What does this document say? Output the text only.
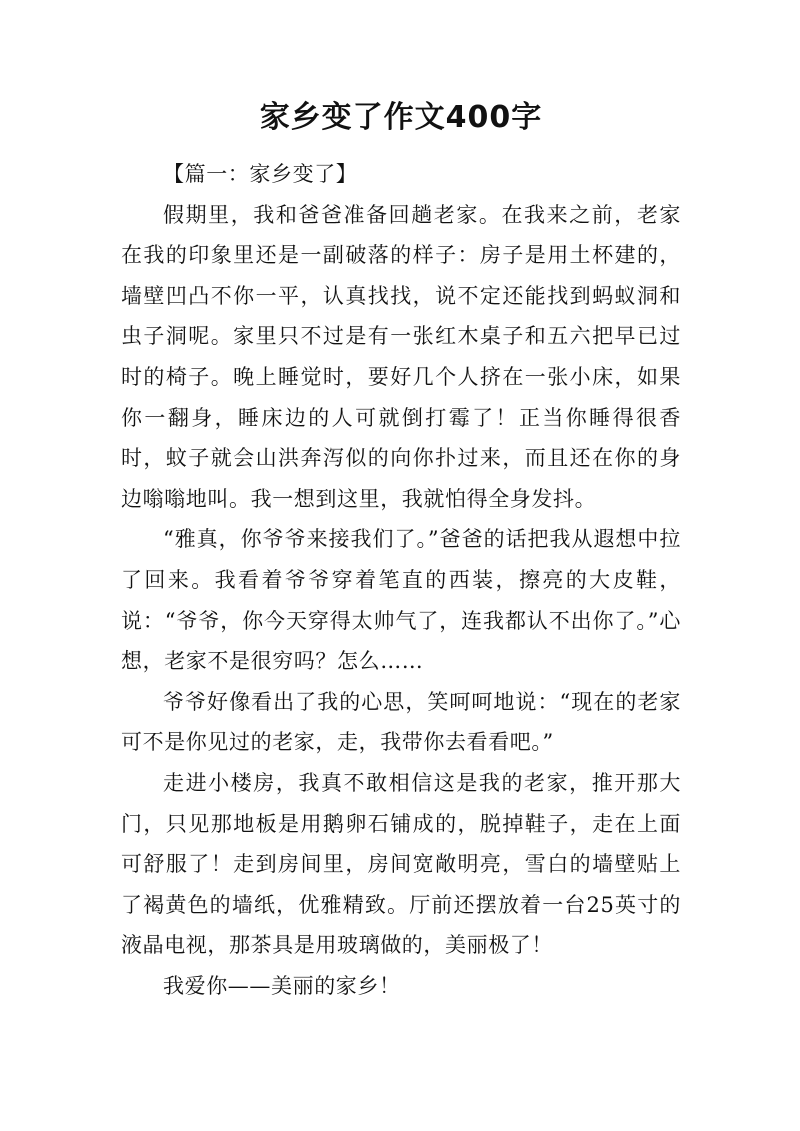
家乡变了作文400字

【篇一：家乡变了】

假期里，我和爸爸准备回趟老家。在我来之前，老家在我的印象里还是一副破落的样子：房子是用土杯建的，墙壁凹凸不你一平，认真找找，说不定还能找到蚂蚁洞和虫子洞呢。家里只不过是有一张红木桌子和五六把早已过时的椅子。晚上睡觉时，要好几个人挤在一张小床，如果你一翻身，睡床边的人可就倒打霉了！正当你睡得很香时，蚊子就会山洪奔泻似的向你扑过来，而且还在你的身边嗡嗡地叫。我一想到这里，我就怕得全身发抖。

“雅真，你爷爷来接我们了。”爸爸的话把我从遐想中拉了回来。我看着爷爷穿着笔直的西装，擦亮的大皮鞋，说：“爷爷，你今天穿得太帅气了，连我都认不出你了。”心想，老家不是很穷吗？怎么……

爷爷好像看出了我的心思，笑呵呵地说：“现在的老家可不是你见过的老家，走，我带你去看看吧。”

走进小楼房，我真不敢相信这是我的老家，推开那大门，只见那地板是用鹅卵石铺成的，脱掉鞋子，走在上面可舒服了！走到房间里，房间宽敞明亮，雪白的墙壁贴上了褐黄色的墙纸，优雅精致。厅前还摆放着一台25英寸的液晶电视，那茶具是用玻璃做的，美丽极了！

我爱你——美丽的家乡！
